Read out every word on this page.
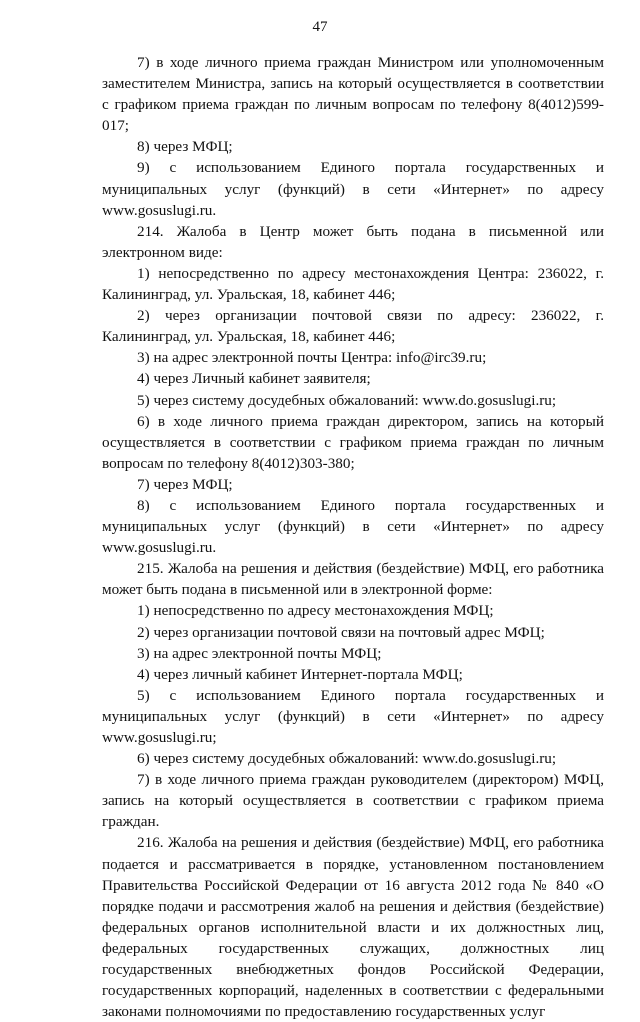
47

7) в ходе личного приема граждан Министром или уполномоченным заместителем Министра, запись на который осуществляется в соответствии с графиком приема граждан по личным вопросам по телефону 8(4012)599-017;

8) через МФЦ;

9) с использованием Единого портала государственных и муниципальных услуг (функций) в сети «Интернет» по адресу www.gosuslugi.ru.

214. Жалоба в Центр может быть подана в письменной или электронном виде:

1) непосредственно по адресу местонахождения Центра: 236022, г. Калининград, ул. Уральская, 18, кабинет 446;

2) через организации почтовой связи по адресу: 236022, г. Калининград, ул. Уральская, 18, кабинет 446;

3) на адрес электронной почты Центра: info@irc39.ru;

4) через Личный кабинет заявителя;

5) через систему досудебных обжалований: www.do.gosuslugi.ru;

6) в ходе личного приема граждан директором, запись на который осуществляется в соответствии с графиком приема граждан по личным вопросам по телефону 8(4012)303-380;

7) через МФЦ;

8) с использованием Единого портала государственных и муниципальных услуг (функций) в сети «Интернет» по адресу www.gosuslugi.ru.

215. Жалоба на решения и действия (бездействие) МФЦ, его работника может быть подана в письменной или в электронной форме:

1) непосредственно по адресу местонахождения МФЦ;

2) через организации почтовой связи на почтовый адрес МФЦ;

3) на адрес электронной почты МФЦ;

4) через личный кабинет Интернет-портала МФЦ;

5) с использованием Единого портала государственных и муниципальных услуг (функций) в сети «Интернет» по адресу www.gosuslugi.ru;

6) через систему досудебных обжалований: www.do.gosuslugi.ru;

7) в ходе личного приема граждан руководителем (директором) МФЦ, запись на который осуществляется в соответствии с графиком приема граждан.

216. Жалоба на решения и действия (бездействие) МФЦ, его работника подается и рассматривается в порядке, установленном постановлением Правительства Российской Федерации от 16 августа 2012 года № 840 «О порядке подачи и рассмотрения жалоб на решения и действия (бездействие) федеральных органов исполнительной власти и их должностных лиц, федеральных государственных служащих, должностных лиц государственных внебюджетных фондов Российской Федерации, государственных корпораций, наделенных в соответствии с федеральными законами полномочиями по предоставлению государственных услуг
